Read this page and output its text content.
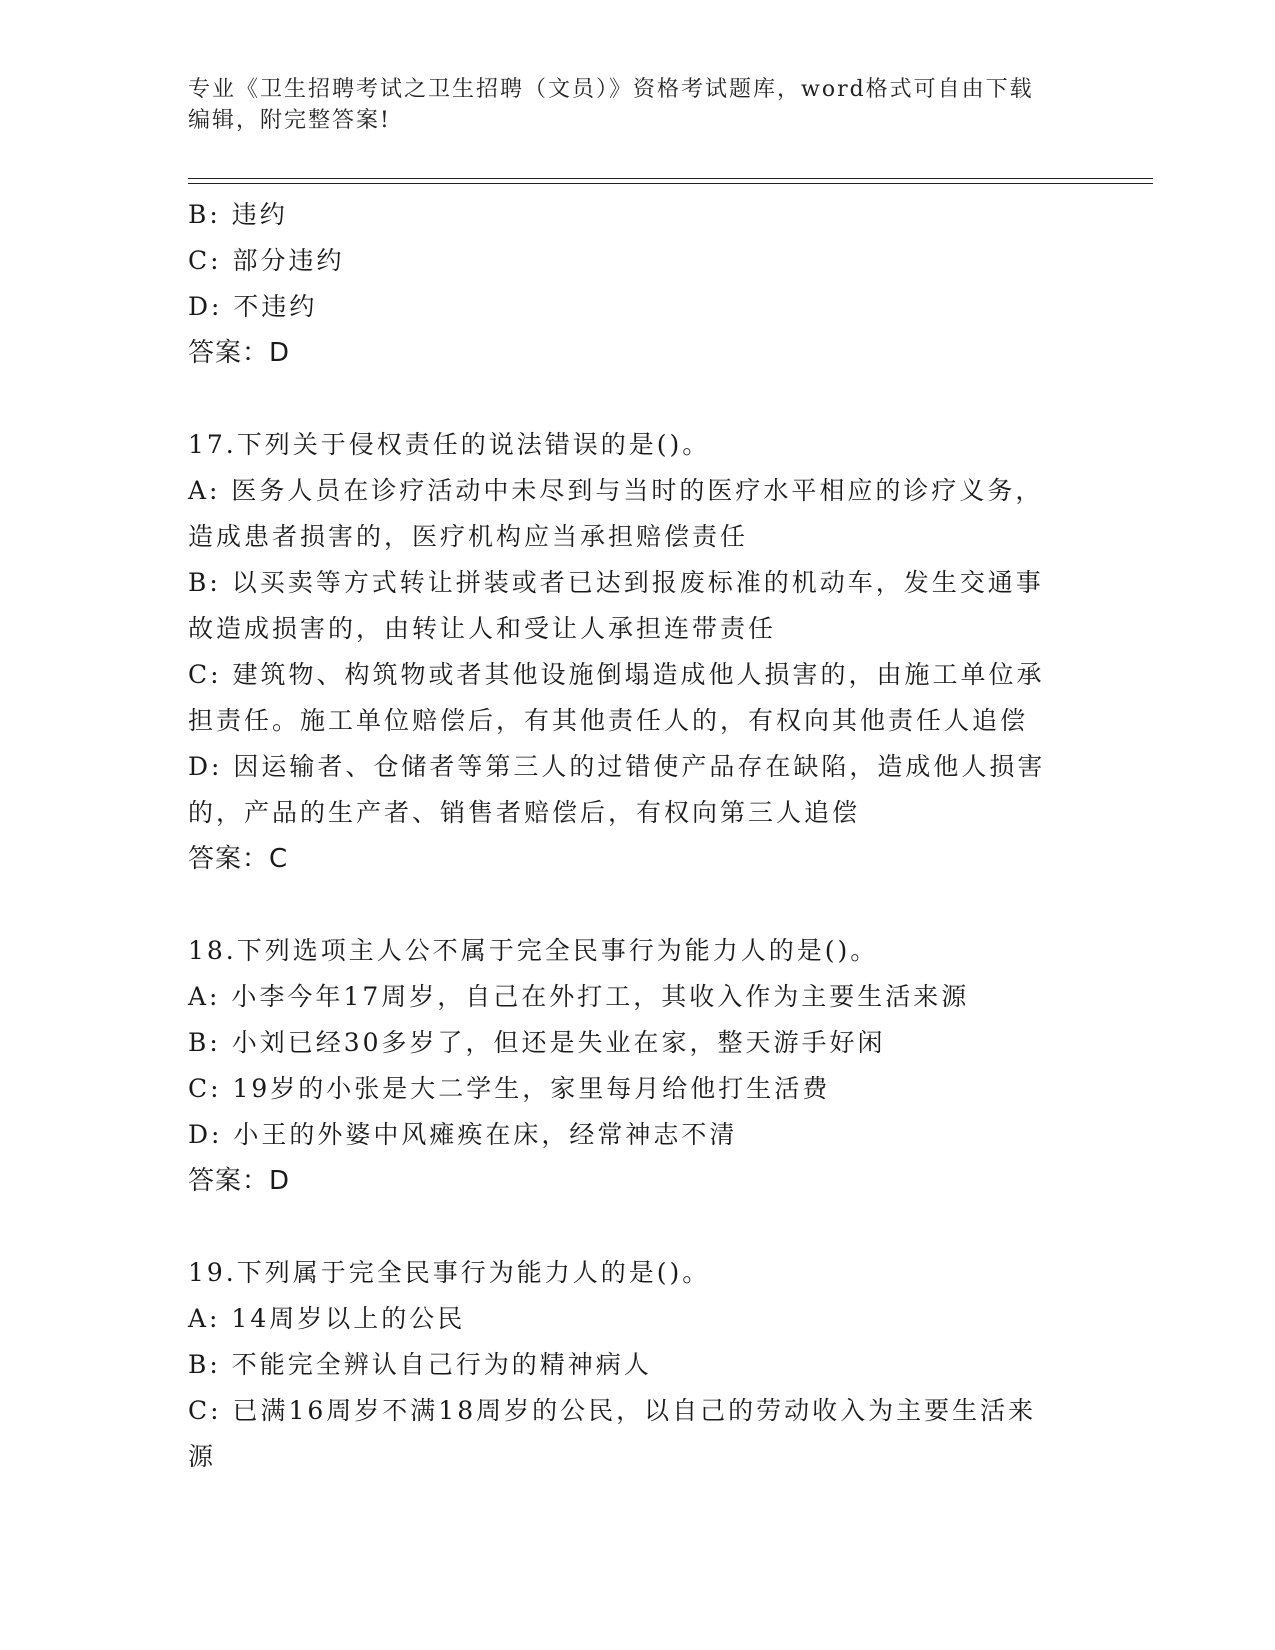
专业《卫生招聘考试之卫生招聘（文员）》资格考试题库，word格式可自由下载
编辑，附完整答案!
B: 违约
C: 部分违约
D: 不违约
答案：D
17.下列关于侵权责任的说法错误的是()。
A: 医务人员在诊疗活动中未尽到与当时的医疗水平相应的诊疗义务，
造成患者损害的，医疗机构应当承担赔偿责任
B: 以买卖等方式转让拼装或者已达到报废标准的机动车，发生交通事
故造成损害的，由转让人和受让人承担连带责任
C: 建筑物、构筑物或者其他设施倒塌造成他人损害的，由施工单位承
担责任。施工单位赔偿后，有其他责任人的，有权向其他责任人追偿
D: 因运输者、仓储者等第三人的过错使产品存在缺陷，造成他人损害
的，产品的生产者、销售者赔偿后，有权向第三人追偿
答案：C
18.下列选项主人公不属于完全民事行为能力人的是()。
A: 小李今年17周岁，自己在外打工，其收入作为主要生活来源
B: 小刘已经30多岁了，但还是失业在家，整天游手好闲
C: 19岁的小张是大二学生，家里每月给他打生活费
D: 小王的外婆中风瘫痪在床，经常神志不清
答案：D
19.下列属于完全民事行为能力人的是()。
A: 14周岁以上的公民
B: 不能完全辨认自己行为的精神病人
C: 已满16周岁不满18周岁的公民，以自己的劳动收入为主要生活来
源
